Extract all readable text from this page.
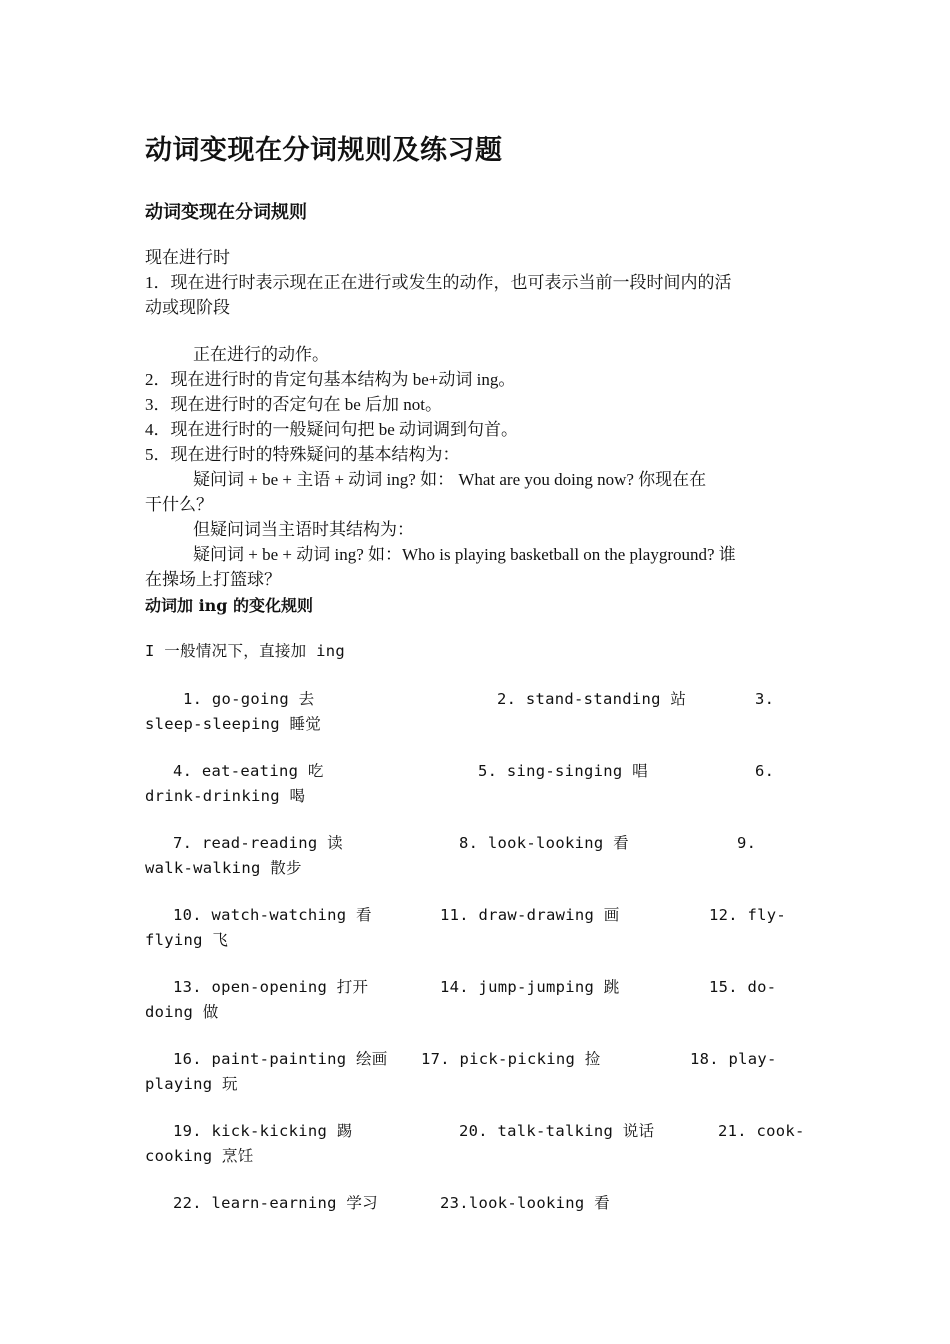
动词变现在分词规则及练习题
动词变现在分词规则
现在进行时
1．现在进行时表示现在正在进行或发生的动作，也可表示当前一段时间内的活
动或现阶段
正在进行的动作。
2．现在进行时的肯定句基本结构为 be+动词 ing。
3．现在进行时的否定句在 be 后加 not。
4．现在进行时的一般疑问句把 be 动词调到句首。
5．现在进行时的特殊疑问的基本结构为：
疑问词 + be + 主语 + 动词 ing? 如： What are you doing now? 你现在在
干什么？
但疑问词当主语时其结构为：
疑问词 + be + 动词 ing? 如：Who is playing basketball on the playground? 谁
在操场上打篮球？
动词加 ing 的变化规则
I 一般情况下，直接加 ing
1. go-going 去	2. stand-standing 站	3.
sleep-sleeping 睡觉
4. eat-eating 吃	5. sing-singing 唱	6.
drink-drinking 喝
7. read-reading 读	8. look-looking 看	9.
walk-walking 散步
10. watch-watching 看	11. draw-drawing 画	12. fly-
flying 飞
13. open-opening 打开	14. jump-jumping 跳	15. do-
doing 做
16. paint-painting 绘画 17. pick-picking 捡	18. play-
playing 玩
19. kick-kicking 踢	20. talk-talking 说话	21. cook-
cooking 烹饪
22. learn-earning 学习	23.look-looking 看
